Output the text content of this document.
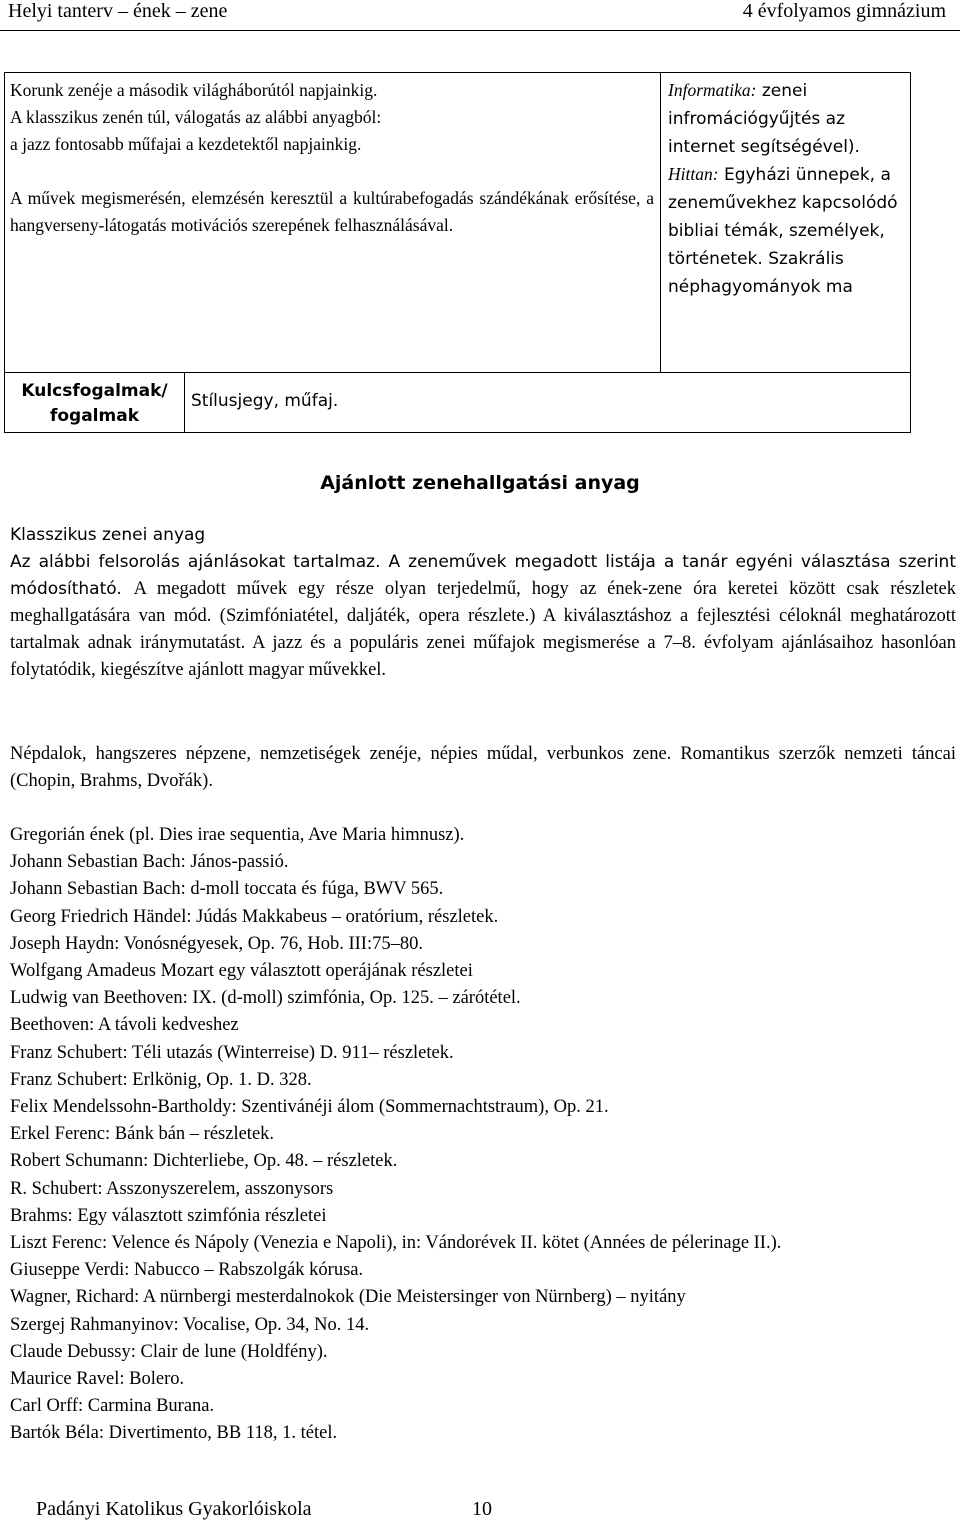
Helyi tanterv – ének – zene	4 évfolyamos gimnázium

Korunk zenéje a második világháborútól napjainkig.

A klasszikus zenén túl, válogatás az alábbi anyagból:

a jazz fontosabb műfajai a kezdetektől napjainkig.

A művek megismerésén, elemzésén keresztül a kultúrabefogadás szándékának erősítése, a hangverseny-látogatás motivációs szerepének felhasználásával.

Informatika: zenei infromációgyűjtés az internet segítségével).
Hittan: Egyházi ünnepek, a zeneművekhez kapcsolódó bibliai témák, személyek, történetek. Szakrális néphagyományok ma
Kulcsfogalmak/
fogalmak
Stílusjegy, műfaj.
Ajánlott zenehallgatási anyag
Klasszikus zenei anyag

Az alábbi felsorolás ajánlásokat tartalmaz. A zeneművek megadott listája a tanár egyéni választása szerint módosítható. A megadott művek egy része olyan terjedelmű, hogy az ének-zene óra keretei között csak részletek meghallgatására van mód. (Szimfóniatétel, daljáték, opera részlete.) A kiválasztáshoz a fejlesztési céloknál meghatározott tartalmak adnak iránymutatást. A jazz és a populáris zenei műfajok megismerése a 7–8. évfolyam ajánlásaihoz hasonlóan folytatódik, kiegészítve ajánlott magyar művekkel.

Népdalok, hangszeres népzene, nemzetiségek zenéje, népies műdal, verbunkos zene. Romantikus szerzők nemzeti táncai (Chopin, Brahms, Dvořák).

Gregorián ének (pl. Dies irae sequentia, Ave Maria himnusz).
Johann Sebastian Bach: János-passió.
Johann Sebastian Bach: d-moll toccata és fúga, BWV 565.
Georg Friedrich Händel: Júdás Makkabeus – oratórium, részletek.
Joseph Haydn: Vonósnégyesek, Op. 76, Hob. III:75–80.
Wolfgang Amadeus Mozart egy választott operájának részletei
Ludwig van Beethoven: IX. (d-moll) szimfónia, Op. 125. – zárótétel.
Beethoven: A távoli kedveshez
Franz Schubert: Téli utazás (Winterreise) D. 911– részletek.
Franz Schubert: Erlkönig, Op. 1. D. 328.
Felix Mendelssohn-Bartholdy: Szentivánéji álom (Sommernachtstraum), Op. 21.
Erkel Ferenc: Bánk bán – részletek.
Robert Schumann: Dichterliebe, Op. 48. – részletek.
R. Schubert: Asszonyszerelem, asszonysors
Brahms: Egy választott szimfónia részletei
Liszt Ferenc: Velence és Nápoly (Venezia e Napoli), in: Vándorévek II. kötet (Années de pélerinage II.).
Giuseppe Verdi: Nabucco – Rabszolgák kórusa.
Wagner, Richard: A nürnbergi mesterdalnokok (Die Meistersinger von Nürnberg) – nyitány
Szergej Rahmanyinov: Vocalise, Op. 34, No. 14.
Claude Debussy: Clair de lune (Holdfény).
Maurice Ravel: Bolero.
Carl Orff: Carmina Burana.
Bartók Béla: Divertimento, BB 118, 1. tétel.
Padányi Katolikus Gyakorlóiskola	10
